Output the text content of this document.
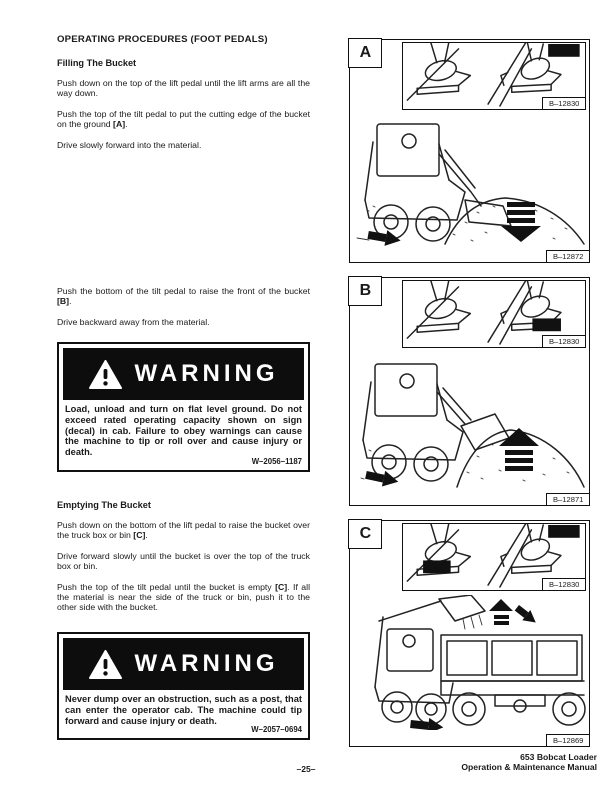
OPERATING PROCEDURES (FOOT PEDALS)
Filling The Bucket

Push down on the top of the lift pedal until the lift arms are all the way down.

Push the top of the tilt pedal to put the cutting edge of the bucket on the ground [A].

Drive slowly forward into the material.

Push the bottom of the tilt pedal to raise the front of the bucket [B].

Drive backward away from the material.

WARNING

Load, unload and turn on flat level ground. Do not exceed rated operating capacity shown on sign (decal) in cab. Failure to obey warnings can cause the machine to tip or roll over and cause injury or death.

W–2056–1187
Emptying The Bucket

Push down on the bottom of the lift pedal to raise the bucket over the truck box or bin [C].

Drive forward slowly until the bucket is over the top of the truck box or bin.

Push the top of the tilt pedal until the bucket is empty [C]. If all the material is near the side of the truck or bin, push it to the other side with the bucket.

WARNING

Never dump over an obstruction, such as a post, that can enter the operator cab. The machine could tip forward and cause injury or death.

W–2057–0694
A
B–12830
B–12872
B
B–12830
B–12871
C
B–12830
B–12869
–25–
653 Bobcat Loader
Operation & Maintenance Manual
